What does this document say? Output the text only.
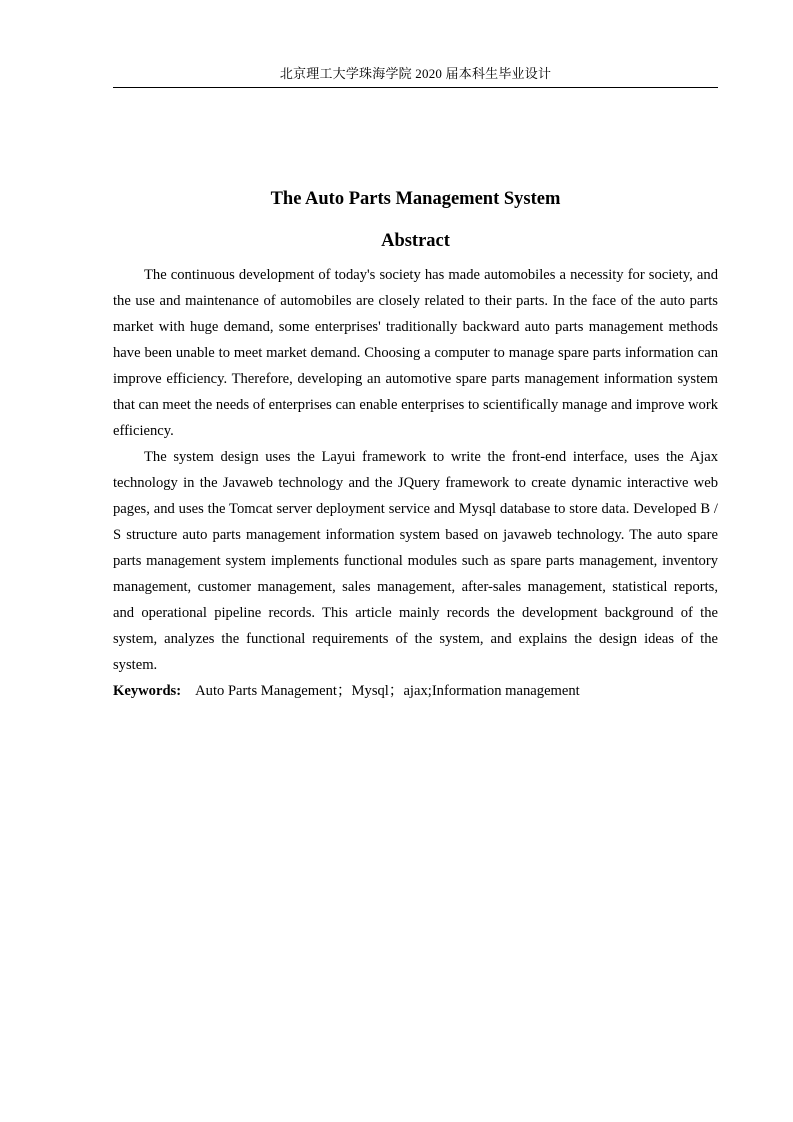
北京理工大学珠海学院 2020 届本科生毕业设计
The Auto Parts Management System
Abstract

The continuous development of today's society has made automobiles a necessity for society, and the use and maintenance of automobiles are closely related to their parts. In the face of the auto parts market with huge demand, some enterprises' traditionally backward auto parts management methods have been unable to meet market demand. Choosing a computer to manage spare parts information can improve efficiency. Therefore, developing an automotive spare parts management information system that can meet the needs of enterprises can enable enterprises to scientifically manage and improve work efficiency.

The system design uses the Layui framework to write the front-end interface, uses the Ajax technology in the Javaweb technology and the JQuery framework to create dynamic interactive web pages, and uses the Tomcat server deployment service and Mysql database to store data. Developed B / S structure auto parts management information system based on javaweb technology. The auto spare parts management system implements functional modules such as spare parts management, inventory management, customer management, sales management, after-sales management, statistical reports, and operational pipeline records. This article mainly records the development background of the system, analyzes the functional requirements of the system, and explains the design ideas of the system.

Keywords: Auto Parts Management；Mysql；ajax;Information management
